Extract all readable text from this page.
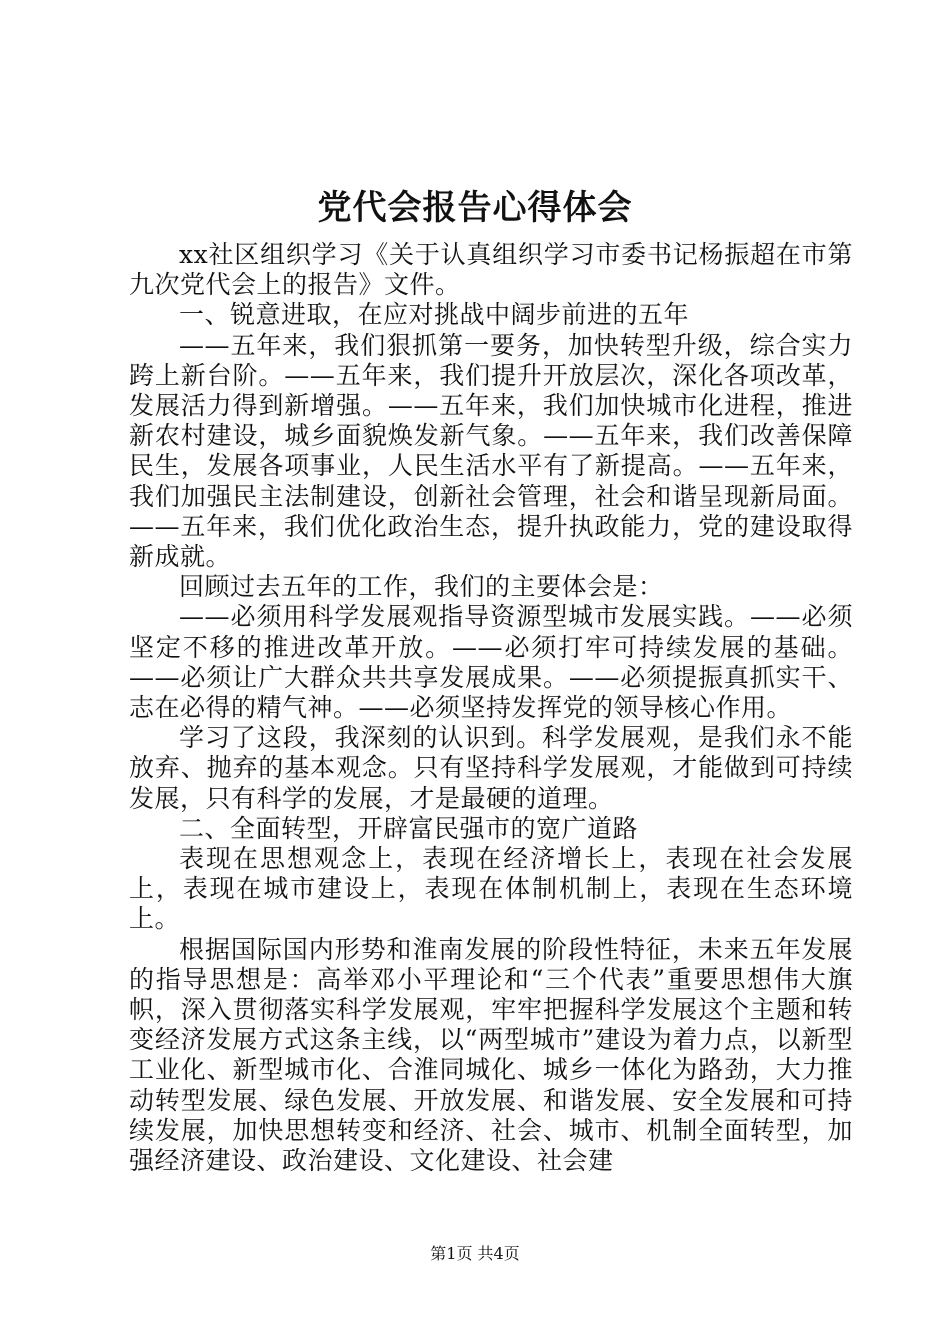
党代会报告心得体会

xx社区组织学习《关于认真组织学习市委书记杨振超在市第九次党代会上的报告》文件。

一、锐意进取，在应对挑战中阔步前进的五年

——五年来，我们狠抓第一要务，加快转型升级，综合实力跨上新台阶。——五年来，我们提升开放层次，深化各项改革，发展活力得到新增强。——五年来，我们加快城市化进程，推进新农村建设，城乡面貌焕发新气象。——五年来，我们改善保障民生，发展各项事业，人民生活水平有了新提高。——五年来，我们加强民主法制建设，创新社会管理，社会和谐呈现新局面。——五年来，我们优化政治生态，提升执政能力，党的建设取得新成就。

回顾过去五年的工作，我们的主要体会是：

——必须用科学发展观指导资源型城市发展实践。——必须坚定不移的推进改革开放。——必须打牢可持续发展的基础。——必须让广大群众共共享发展成果。——必须提振真抓实干、志在必得的精气神。——必须坚持发挥党的领导核心作用。

学习了这段，我深刻的认识到。科学发展观，是我们永不能放弃、抛弃的基本观念。只有坚持科学发展观，才能做到可持续发展，只有科学的发展，才是最硬的道理。

二、全面转型，开辟富民强市的宽广道路

表现在思想观念上，表现在经济增长上，表现在社会发展上，表现在城市建设上，表现在体制机制上，表现在生态环境上。

根据国际国内形势和淮南发展的阶段性特征，未来五年发展的指导思想是：高举邓小平理论和“三个代表”重要思想伟大旗帜，深入贯彻落实科学发展观，牢牢把握科学发展这个主题和转变经济发展方式这条主线，以“两型城市”建设为着力点，以新型工业化、新型城市化、合淮同城化、城乡一体化为路劲，大力推动转型发展、绿色发展、开放发展、和谐发展、安全发展和可持续发展，加快思想转变和经济、社会、城市、机制全面转型，加强经济建设、政治建设、文化建设、社会建

第1页 共4页
